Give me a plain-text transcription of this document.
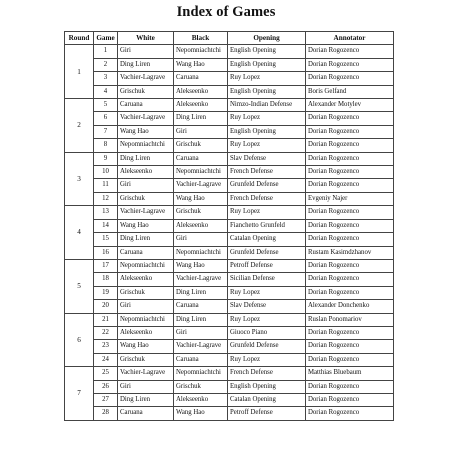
Index of Games
Round	Game	White	Black	Opening	Annotator
1	1	Giri	Nepomniachtchi	English Opening	Dorian Rogozenco
	2	Ding Liren	Wang Hao	English Opening	Dorian Rogozenco
	3	Vachier-Lagrave	Caruana	Ruy Lopez	Dorian Rogozenco
	4	Grischuk	Alekseenko	English Opening	Boris Gelfand
2	5	Caruana	Alekseenko	Nimzo-Indian Defense	Alexander Motylev
	6	Vachier-Lagrave	Ding Liren	Ruy Lopez	Dorian Rogozenco
	7	Wang Hao	Giri	English Opening	Dorian Rogozenco
	8	Nepomniachtchi	Grischuk	Ruy Lopez	Dorian Rogozenco
3	9	Ding Liren	Caruana	Slav Defense	Dorian Rogozenco
	10	Alekseenko	Nepomniachtchi	French Defense	Dorian Rogozenco
	11	Giri	Vachier-Lagrave	Grunfeld Defense	Dorian Rogozenco
	12	Grischuk	Wang Hao	French Defense	Evgeniy Najer
4	13	Vachier-Lagrave	Grischuk	Ruy Lopez	Dorian Rogozenco
	14	Wang Hao	Alekseenko	Fianchetto Grunfeld	Dorian Rogozenco
	15	Ding Liren	Giri	Catalan Opening	Dorian Rogozenco
	16	Caruana	Nepomniachtchi	Grunfeld Defense	Rustam Kasimdzhanov
5	17	Nepomniachtchi	Wang Hao	Petroff Defense	Dorian Rogozenco
	18	Alekseenko	Vachier-Lagrave	Sicilian Defense	Dorian Rogozenco
	19	Grischuk	Ding Liren	Ruy Lopez	Dorian Rogozenco
	20	Giri	Caruana	Slav Defense	Alexander Donchenko
6	21	Nepomniachtchi	Ding Liren	Ruy Lopez	Ruslan Ponomariov
	22	Alekseenko	Giri	Giuoco Piano	Dorian Rogozenco
	23	Wang Hao	Vachier-Lagrave	Grunfeld Defense	Dorian Rogozenco
	24	Grischuk	Caruana	Ruy Lopez	Dorian Rogozenco
7	25	Vachier-Lagrave	Nepomniachtchi	French Defense	Matthias Bluebaum
	26	Giri	Grischuk	English Opening	Dorian Rogozenco
	27	Ding Liren	Alekseenko	Catalan Opening	Dorian Rogozenco
	28	Caruana	Wang Hao	Petroff Defense	Dorian Rogozenco
